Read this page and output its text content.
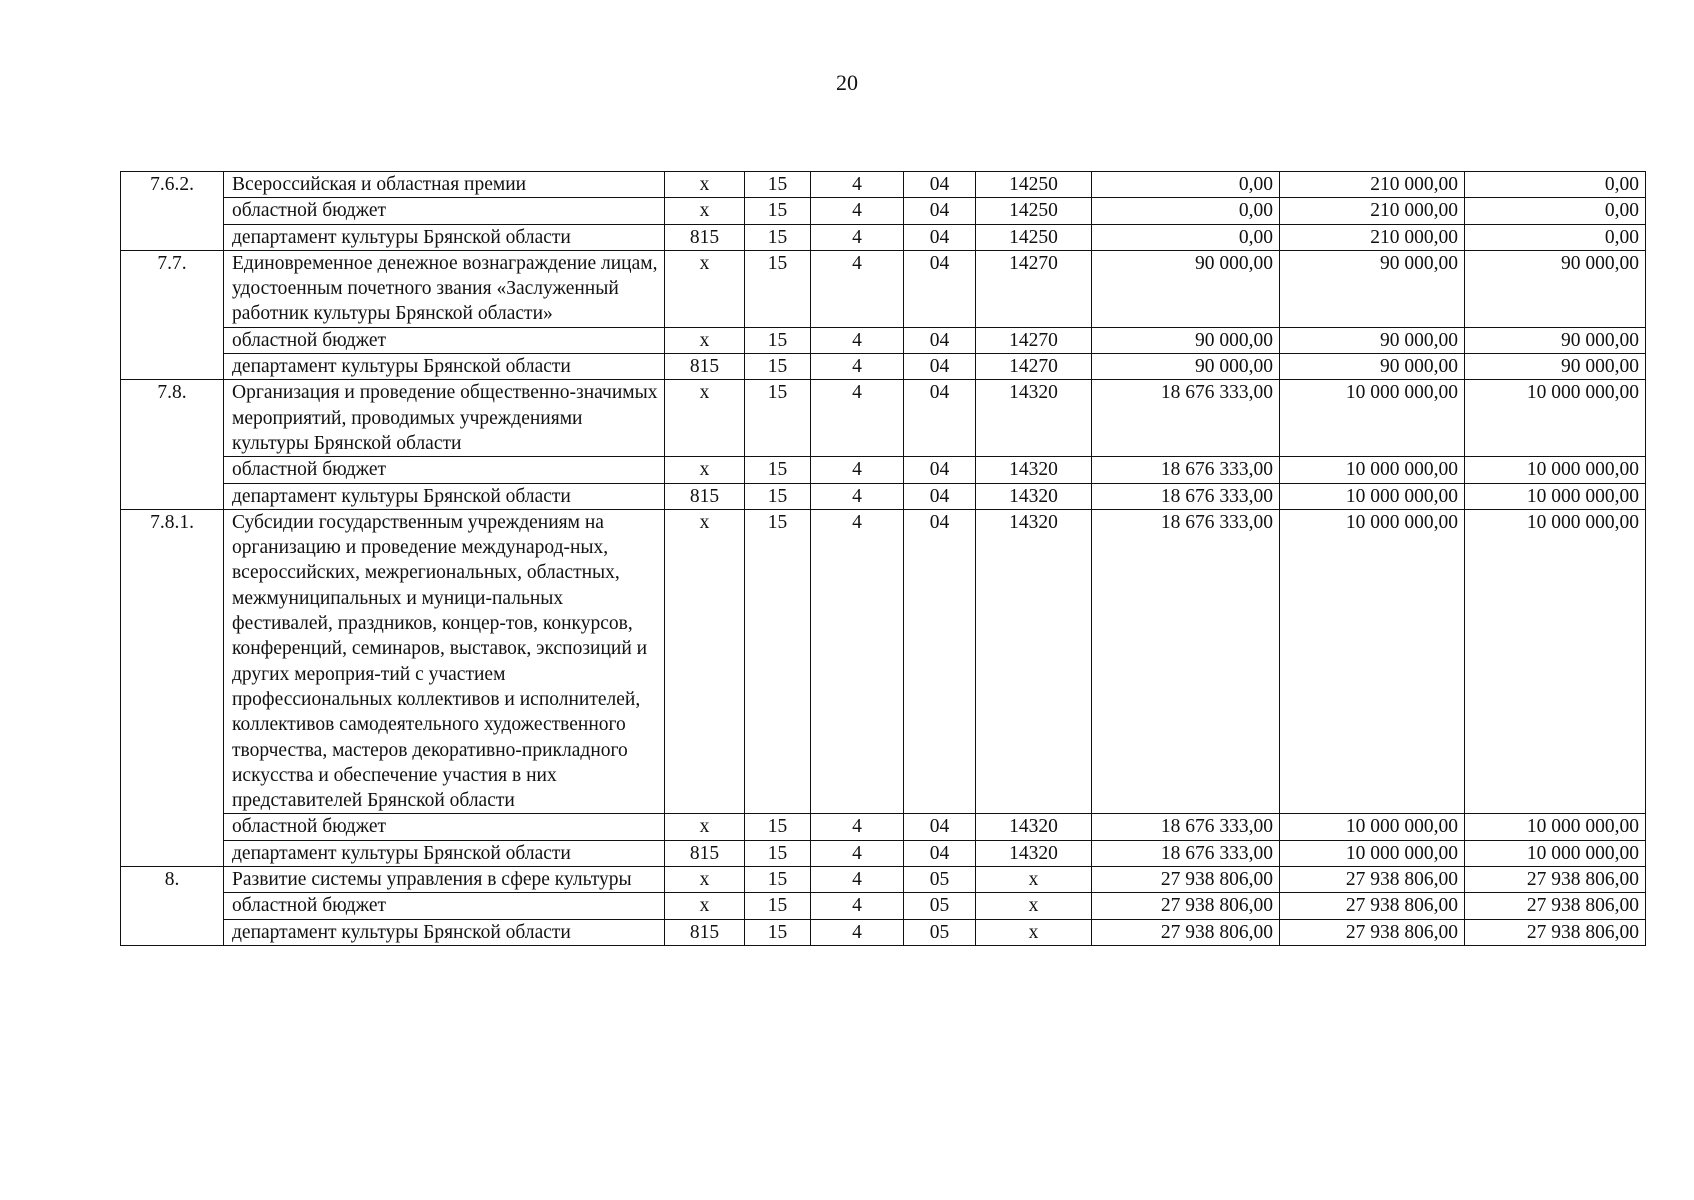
20
7.6.2.	Всероссийская и областная премии	х	15	4	04	14250	0,00	210 000,00	0,00
	областной бюджет	х	15	4	04	14250	0,00	210 000,00	0,00
	департамент культуры Брянской области	815	15	4	04	14250	0,00	210 000,00	0,00
7.7.	Единовременное денежное вознаграждение лицам, удостоенным почетного звания «Заслуженный работник культуры Брянской области»	х	15	4	04	14270	90 000,00	90 000,00	90 000,00
	областной бюджет	х	15	4	04	14270	90 000,00	90 000,00	90 000,00
	департамент культуры Брянской области	815	15	4	04	14270	90 000,00	90 000,00	90 000,00
7.8.	Организация и проведение общественно-значимых мероприятий, проводимых учреждениями культуры Брянской области	х	15	4	04	14320	18 676 333,00	10 000 000,00	10 000 000,00
	областной бюджет	х	15	4	04	14320	18 676 333,00	10 000 000,00	10 000 000,00
	департамент культуры Брянской области	815	15	4	04	14320	18 676 333,00	10 000 000,00	10 000 000,00
7.8.1.	Субсидии государственным учреждениям на организацию и проведение международ-ных, всероссийских, межрегиональных, областных, межмуниципальных и муници-пальных фестивалей, праздников, концер-тов, конкурсов, конференций, семинаров, выставок, экспозиций и других мероприя-тий с участием профессиональных коллективов и исполнителей, коллективов самодеятельного художественного творчества, мастеров декоративно-прикладного искусства и обеспечение участия в них представителей Брянской области	х	15	4	04	14320	18 676 333,00	10 000 000,00	10 000 000,00
	областной бюджет	х	15	4	04	14320	18 676 333,00	10 000 000,00	10 000 000,00
	департамент культуры Брянской области	815	15	4	04	14320	18 676 333,00	10 000 000,00	10 000 000,00
8.	Развитие системы управления в сфере культуры	х	15	4	05	х	27 938 806,00	27 938 806,00	27 938 806,00
	областной бюджет	х	15	4	05	х	27 938 806,00	27 938 806,00	27 938 806,00
	департамент культуры Брянской области	815	15	4	05	х	27 938 806,00	27 938 806,00	27 938 806,00
